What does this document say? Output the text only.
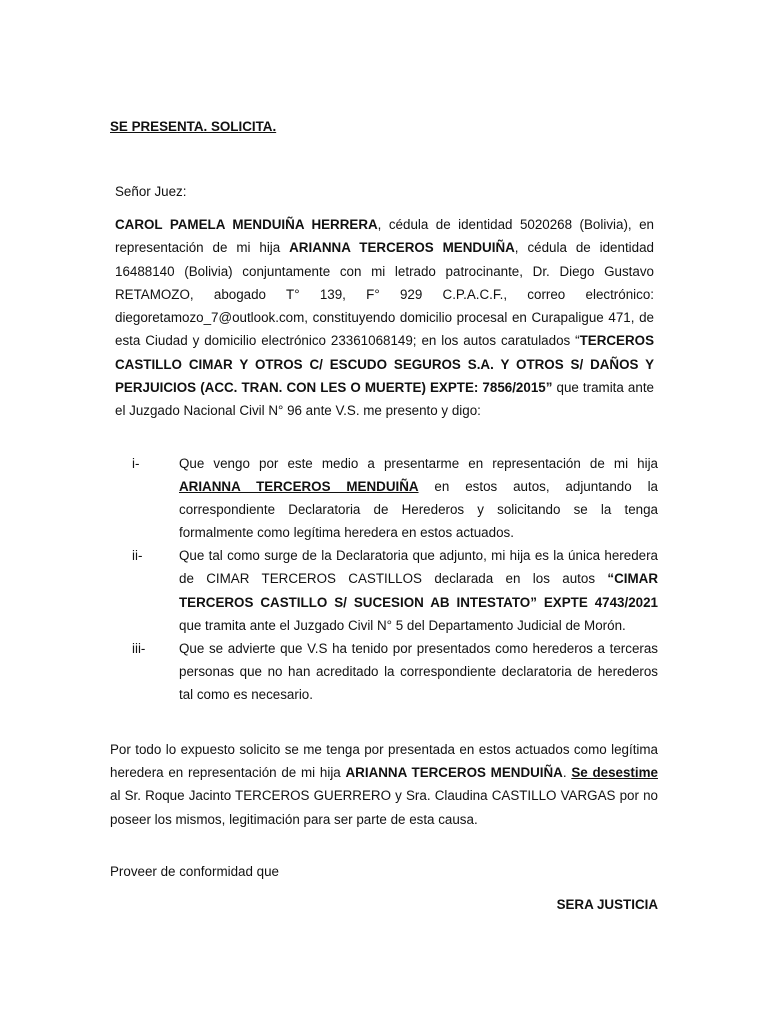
SE PRESENTA. SOLICITA.

Señor Juez:

CAROL PAMELA MENDUIÑA HERRERA, cédula de identidad 5020268 (Bolivia), en representación de mi hija ARIANNA TERCEROS MENDUIÑA, cédula de identidad 16488140 (Bolivia) conjuntamente con mi letrado patrocinante, Dr. Diego Gustavo RETAMOZO, abogado T° 139, F° 929 C.P.A.C.F., correo electrónico: diegoretamozo_7@outlook.com, constituyendo domicilio procesal en Curapaligue 471, de esta Ciudad y domicilio electrónico 23361068149; en los autos caratulados “TERCEROS CASTILLO CIMAR Y OTROS C/ ESCUDO SEGUROS S.A. Y OTROS S/ DAÑOS Y PERJUICIOS (ACC. TRAN. CON LES O MUERTE) EXPTE: 7856/2015” que tramita ante el Juzgado Nacional Civil N° 96 ante V.S. me presento y digo:

i-	Que vengo por este medio a presentarme en representación de mi hija ARIANNA TERCEROS MENDUIÑA en estos autos, adjuntando la correspondiente Declaratoria de Herederos y solicitando se la tenga formalmente como legítima heredera en estos actuados.
ii-	Que tal como surge de la Declaratoria que adjunto, mi hija es la única heredera de CIMAR TERCEROS CASTILLOS declarada en los autos “CIMAR TERCEROS CASTILLO S/ SUCESION AB INTESTATO” EXPTE 4743/2021 que tramita ante el Juzgado Civil N° 5 del Departamento Judicial de Morón.
iii-	Que se advierte que V.S ha tenido por presentados como herederos a terceras personas que no han acreditado la correspondiente declaratoria de herederos tal como es necesario.

Por todo lo expuesto solicito se me tenga por presentada en estos actuados como legítima heredera en representación de mi hija ARIANNA TERCEROS MENDUIÑA. Se desestime al Sr. Roque Jacinto TERCEROS GUERRERO y Sra. Claudina CASTILLO VARGAS por no poseer los mismos, legitimación para ser parte de esta causa.

Proveer de conformidad que

SERA JUSTICIA
